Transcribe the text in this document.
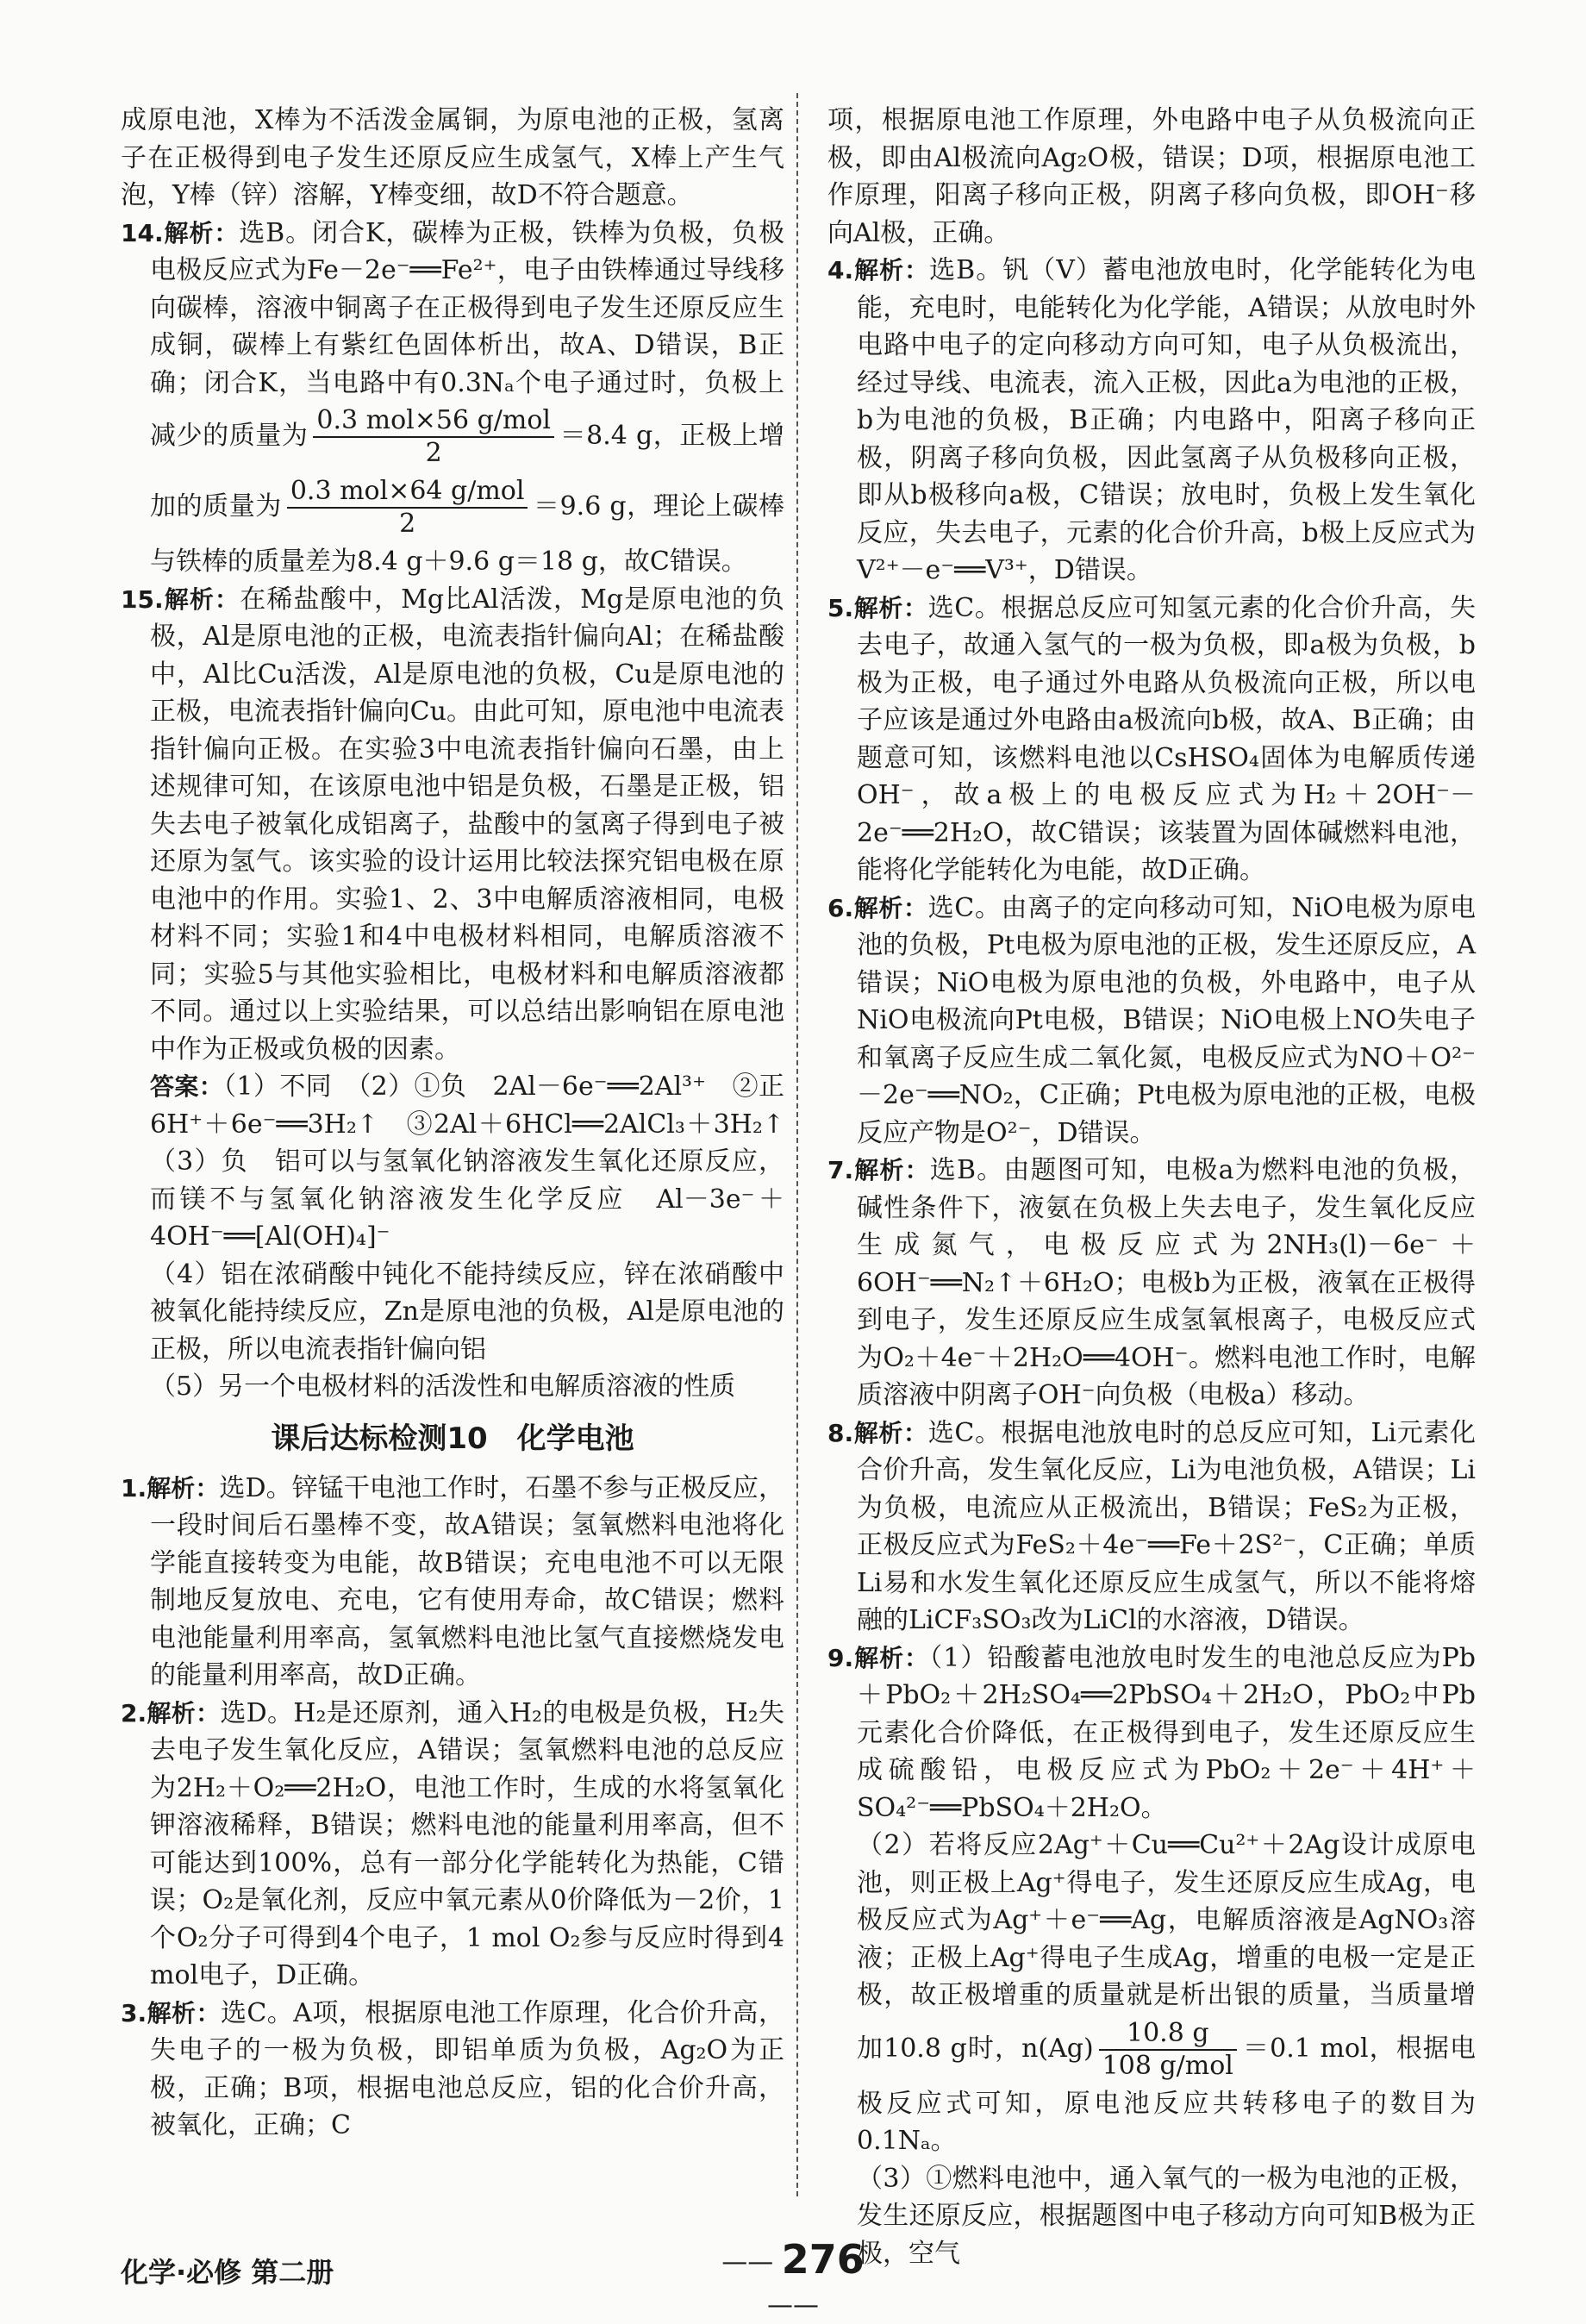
成原电池，X棒为不活泼金属铜，为原电池的正极，氢离子在正极得到电子发生还原反应生成氢气，X棒上产生气泡，Y棒（锌）溶解，Y棒变细，故D不符合题意。

14.解析：选B。闭合K，碳棒为正极，铁棒为负极，负极电极反应式为Fe－2e⁻══Fe²⁺，电子由铁棒通过导线移向碳棒，溶液中铜离子在正极得到电子发生还原反应生成铜，碳棒上有紫红色固体析出，故A、D错误，B正确；闭合K，当电路中有0.3Nₐ个电子通过时，负极上减少的质量为 $\frac{\text{0.3 mol×56 g/mol}}{2} =8.4$ g，正极上增加的质量为 $\frac{\text{0.3 mol×64 g/mol}}{2} =9.6$ g，理论上碳棒与铁棒的质量差为8.4 g＋9.6 g＝18 g，故C错误。

15.解析：在稀盐酸中，Mg比Al活泼，Mg是原电池的负极，Al是原电池的正极，电流表指针偏向Al；在稀盐酸中，Al比Cu活泼，Al是原电池的负极，Cu是原电池的正极，电流表指针偏向Cu。由此可知，原电池中电流表指针偏向正极。在实验3中电流表指针偏向石墨，由上述规律可知，在该原电池中铝是负极，石墨是正极，铝失去电子被氧化成铝离子，盐酸中的氢离子得到电子被还原为氢气。该实验的设计运用比较法探究铝电极在原电池中的作用。实验1、2、3中电解质溶液相同，电极材料不同；实验1和4中电极材料相同，电解质溶液不同；实验5与其他实验相比，电极材料和电解质溶液都不同。通过以上实验结果，可以总结出影响铝在原电池中作为正极或负极的因素。

答案：（1）不同　（2）①负　2Al－6e⁻══2Al³⁺　②正　6H⁺＋6e⁻══3H₂↑　③2Al＋6HCl══2AlCl₃＋3H₂↑　（3）负　铝可以与氢氧化钠溶液发生氧化还原反应，而镁不与氢氧化钠溶液发生化学反应　Al－3e⁻＋4OH⁻══[Al(OH)₄]⁻

（4）铝在浓硝酸中钝化不能持续反应，锌在浓硝酸中被氧化能持续反应，Zn是原电池的负极，Al是原电池的正极，所以电流表指针偏向铝

（5）另一个电极材料的活泼性和电解质溶液的性质

课后达标检测10　化学电池

1.解析：选D。锌锰干电池工作时，石墨不参与正极反应，一段时间后石墨棒不变，故A错误；氢氧燃料电池将化学能直接转变为电能，故B错误；充电电池不可以无限制地反复放电、充电，它有使用寿命，故C错误；燃料电池能量利用率高，氢氧燃料电池比氢气直接燃烧发电的能量利用率高，故D正确。

2.解析：选D。H₂是还原剂，通入H₂的电极是负极，H₂失去电子发生氧化反应，A错误；氢氧燃料电池的总反应为2H₂＋O₂══2H₂O，电池工作时，生成的水将氢氧化钾溶液稀释，B错误；燃料电池的能量利用率高，但不可能达到100%，总有一部分化学能转化为热能，C错误；O₂是氧化剂，反应中氧元素从0价降低为－2价，1个O₂分子可得到4个电子，1 mol O₂参与反应时得到4 mol电子，D正确。

3.解析：选C。A项，根据原电池工作原理，化合价升高，失电子的一极为负极，即铝单质为负极，Ag₂O为正极，正确；B项，根据电池总反应，铝的化合价升高，被氧化，正确；C

项，根据原电池工作原理，外电路中电子从负极流向正极，即由Al极流向Ag₂O极，错误；D项，根据原电池工作原理，阳离子移向正极，阴离子移向负极，即OH⁻移向Al极，正确。

4.解析：选B。钒（V）蓄电池放电时，化学能转化为电能，充电时，电能转化为化学能，A错误；从放电时外电路中电子的定向移动方向可知，电子从负极流出，经过导线、电流表，流入正极，因此a为电池的正极，b为电池的负极，B正确；内电路中，阳离子移向正极，阴离子移向负极，因此氢离子从负极移向正极，即从b极移向a极，C错误；放电时，负极上发生氧化反应，失去电子，元素的化合价升高，b极上反应式为V²⁺－e⁻══V³⁺，D错误。

5.解析：选C。根据总反应可知氢元素的化合价升高，失去电子，故通入氢气的一极为负极，即a极为负极，b极为正极，电子通过外电路从负极流向正极，所以电子应该是通过外电路由a极流向b极，故A、B正确；由题意可知，该燃料电池以CsHSO₄固体为电解质传递OH⁻，故a极上的电极反应式为H₂＋2OH⁻－2e⁻══2H₂O，故C错误；该装置为固体碱燃料电池，能将化学能转化为电能，故D正确。

6.解析：选C。由离子的定向移动可知，NiO电极为原电池的负极，Pt电极为原电池的正极，发生还原反应，A错误；NiO电极为原电池的负极，外电路中，电子从NiO电极流向Pt电极，B错误；NiO电极上NO失电子和氧离子反应生成二氧化氮，电极反应式为NO＋O²⁻－2e⁻══NO₂，C正确；Pt电极为原电池的正极，电极反应产物是O²⁻，D错误。

7.解析：选B。由题图可知，电极a为燃料电池的负极，碱性条件下，液氨在负极上失去电子，发生氧化反应生成氮气，电极反应式为2NH₃(l)－6e⁻＋6OH⁻══N₂↑＋6H₂O；电极b为正极，液氧在正极得到电子，发生还原反应生成氢氧根离子，电极反应式为O₂＋4e⁻＋2H₂O══4OH⁻。燃料电池工作时，电解质溶液中阴离子OH⁻向负极（电极a）移动。

8.解析：选C。根据电池放电时的总反应可知，Li元素化合价升高，发生氧化反应，Li为电池负极，A错误；Li为负极，电流应从正极流出，B错误；FeS₂为正极，正极反应式为FeS₂＋4e⁻══Fe＋2S²⁻，C正确；单质Li易和水发生氧化还原反应生成氢气，所以不能将熔融的LiCF₃SO₃改为LiCl的水溶液，D错误。

9.解析：（1）铅酸蓄电池放电时发生的电池总反应为Pb＋PbO₂＋2H₂SO₄══2PbSO₄＋2H₂O，PbO₂中Pb元素化合价降低，在正极得到电子，发生还原反应生成硫酸铅，电极反应式为PbO₂＋2e⁻＋4H⁺＋SO₄²⁻══PbSO₄＋2H₂O。

（2）若将反应2Ag⁺＋Cu══Cu²⁺＋2Ag设计成原电池，则正极上Ag⁺得电子，发生还原反应生成Ag，电极反应式为Ag⁺＋e⁻══Ag，电解质溶液是AgNO₃溶液；正极上Ag⁺得电子生成Ag，增重的电极一定是正极，故正极增重的质量就是析出银的质量，当质量增加10.8 g时，$n(Ag) \frac{10.8 g}{\text{108 g/mol}} =0.1$ mol，根据电极反应式可知，原电池反应共转移电子的数目为0.1Nₐ。

（3）①燃料电池中，通入氧气的一极为电池的正极，发生还原反应，根据题图中电子移动方向可知B极为正极，空气

化学·必修 第二册	—— 276 ——
